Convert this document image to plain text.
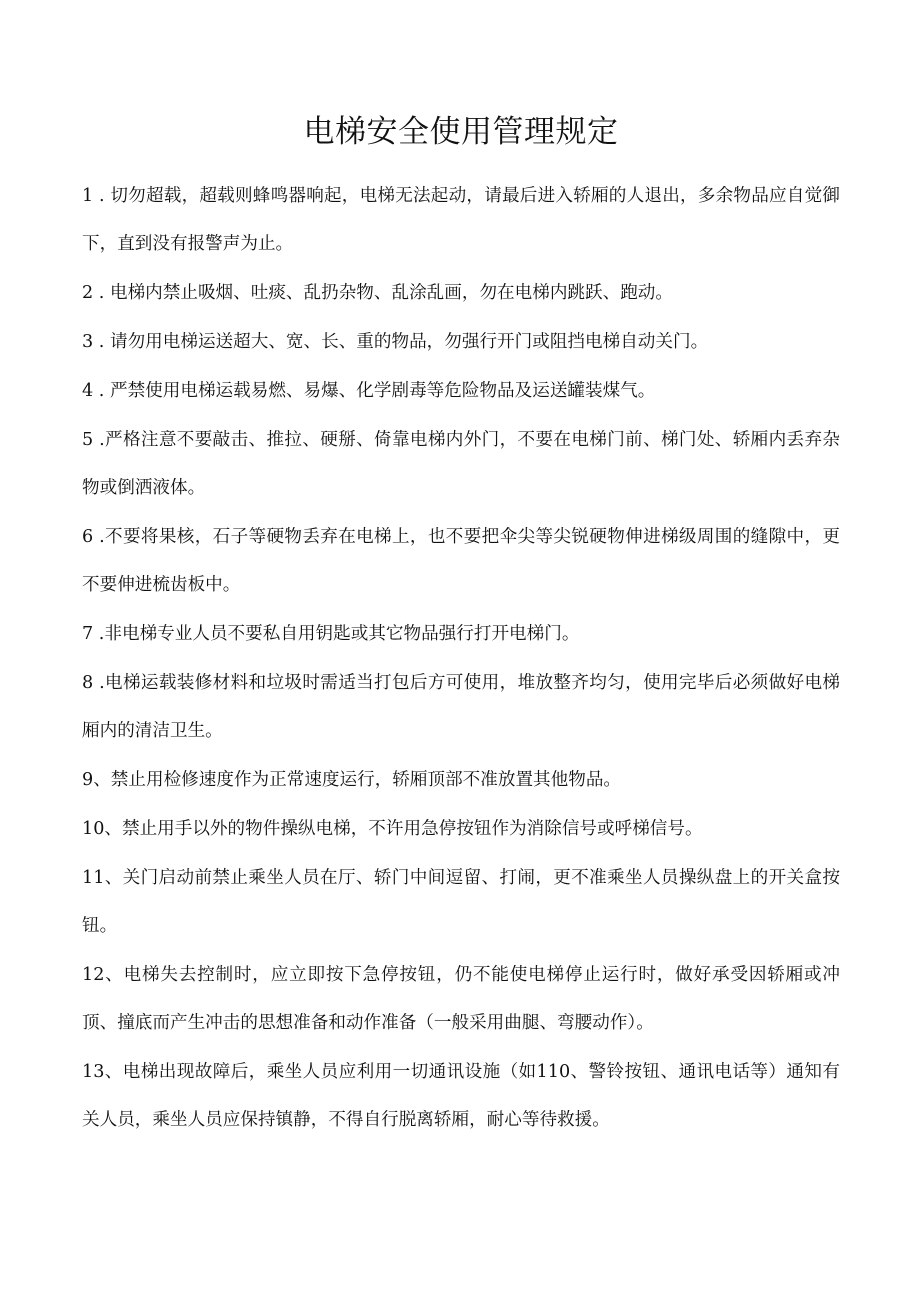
电梯安全使用管理规定
1 . 切勿超载，超载则蜂鸣器响起，电梯无法起动，请最后进入轿厢的人退出，多余物品应自觉御下，直到没有报警声为止。
2 . 电梯内禁止吸烟、吐痰、乱扔杂物、乱涂乱画，勿在电梯内跳跃、跑动。
3 . 请勿用电梯运送超大、宽、长、重的物品，勿强行开门或阻挡电梯自动关门。
4 . 严禁使用电梯运载易燃、易爆、化学剧毒等危险物品及运送罐装煤气。
5 .严格注意不要敲击、推拉、硬掰、倚靠电梯内外门，不要在电梯门前、梯门处、轿厢内丢弃杂物或倒洒液体。
6 .不要将果核，石子等硬物丢弃在电梯上，也不要把伞尖等尖锐硬物伸进梯级周围的缝隙中，更不要伸进梳齿板中。
7 .非电梯专业人员不要私自用钥匙或其它物品强行打开电梯门。
8 .电梯运载装修材料和垃圾时需适当打包后方可使用，堆放整齐均匀，使用完毕后必须做好电梯厢内的清洁卫生。
9、禁止用检修速度作为正常速度运行，轿厢顶部不准放置其他物品。
10、禁止用手以外的物件操纵电梯，不许用急停按钮作为消除信号或呼梯信号。
11、关门启动前禁止乘坐人员在厅、轿门中间逗留、打闹，更不准乘坐人员操纵盘上的开关盒按钮。
12、电梯失去控制时，应立即按下急停按钮，仍不能使电梯停止运行时，做好承受因轿厢或冲顶、撞底而产生冲击的思想准备和动作准备（一般采用曲腿、弯腰动作）。
13、电梯出现故障后，乘坐人员应利用一切通讯设施（如110、警铃按钮、通讯电话等）通知有关人员，乘坐人员应保持镇静，不得自行脱离轿厢，耐心等待救援。
